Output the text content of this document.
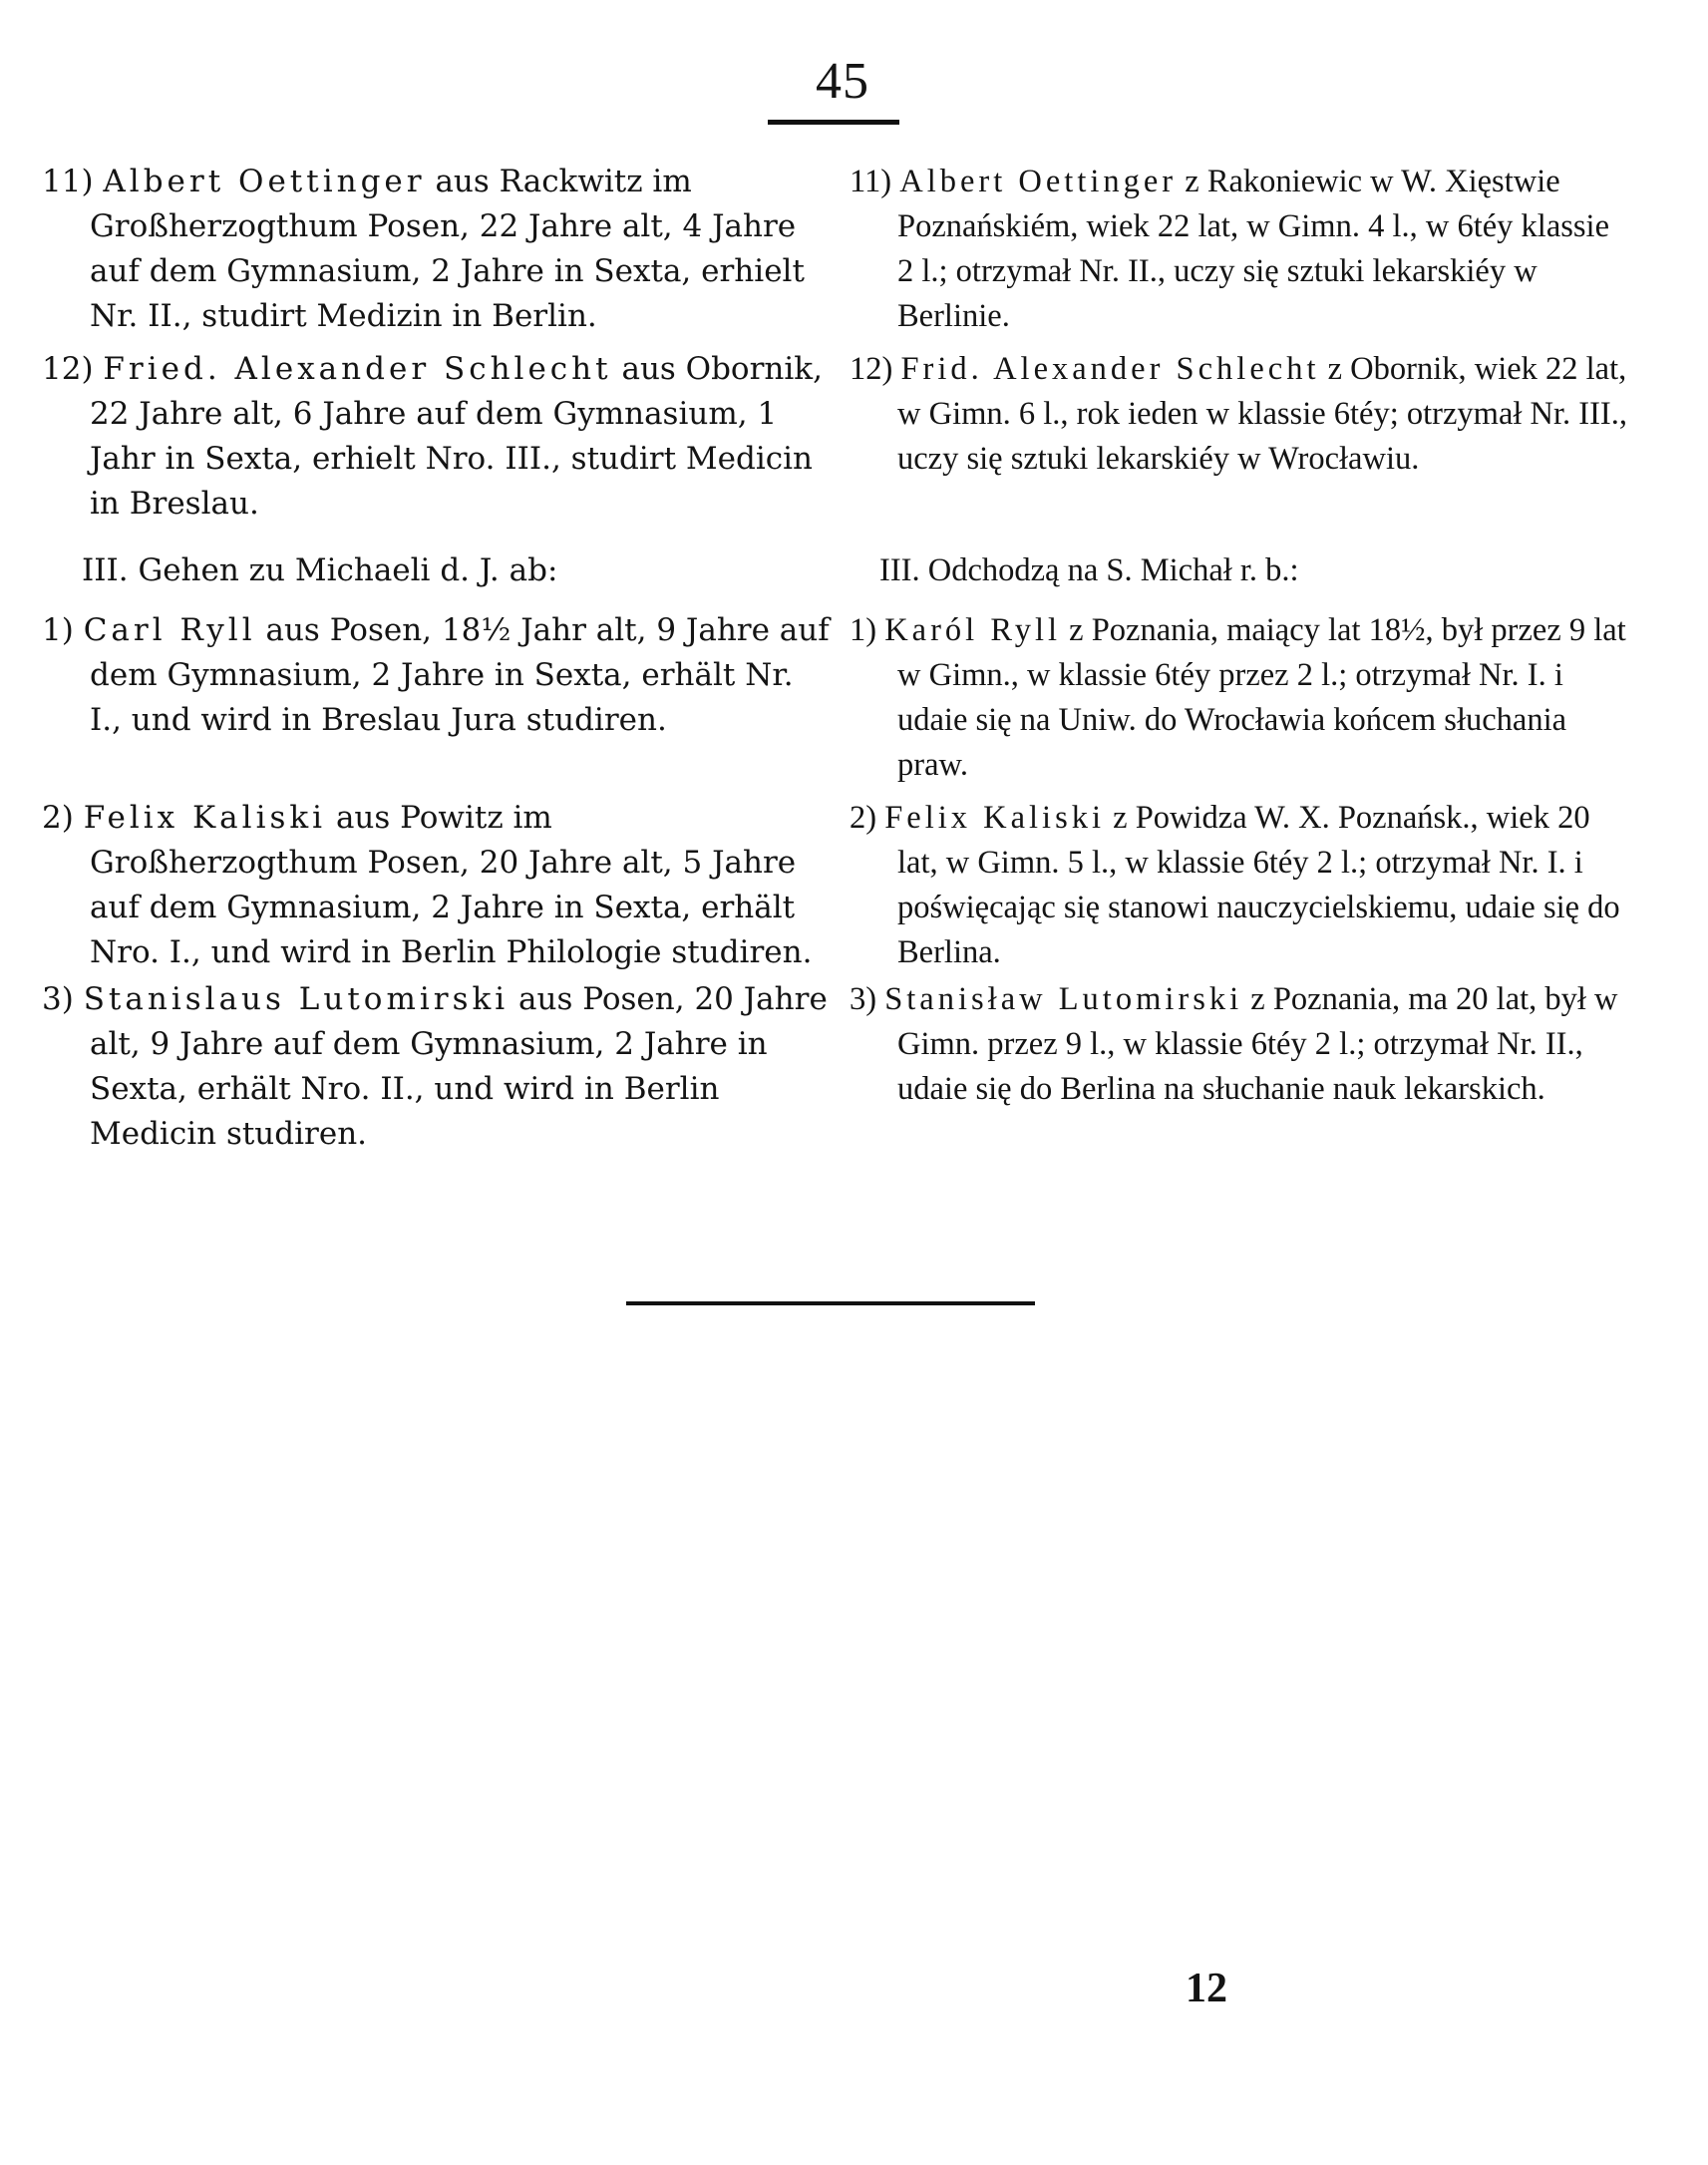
45

11) Albert Oettinger aus Rackwitz im Großherzogthum Posen, 22 Jahre alt, 4 Jahre auf dem Gymnasium, 2 Jahre in Sexta, erhielt Nr. II., studirt Medizin in Berlin.

12) Fried. Alexander Schlecht aus Obornik, 22 Jahre alt, 6 Jahre auf dem Gymnasium, 1 Jahr in Sexta, erhielt Nro. III., studirt Medicin in Breslau.

III. Gehen zu Michaeli d. J. ab:

1) Carl Ryll aus Posen, 18½ Jahr alt, 9 Jahre auf dem Gymnasium, 2 Jahre in Sexta, erhält Nr. I., und wird in Breslau Jura studiren.

2) Felix Kaliski aus Powitz im Großherzogthum Posen, 20 Jahre alt, 5 Jahre auf dem Gymnasium, 2 Jahre in Sexta, erhält Nro. I., und wird in Berlin Philologie studiren.

3) Stanislaus Lutomirski aus Posen, 20 Jahre alt, 9 Jahre auf dem Gymnasium, 2 Jahre in Sexta, erhält Nro. II., und wird in Berlin Medicin studiren.

11) Albert Oettinger z Rakoniewic w W. Xięstwie Poznańskiém, wiek 22 lat, w Gimn. 4 l., w 6téy klassie 2 l.; otrzymał Nr. II., uczy się sztuki lekarskiéy w Berlinie.

12) Frid. Alexander Schlecht z Obornik, wiek 22 lat, w Gimn. 6 l., rok ieden w klassie 6téy; otrzymał Nr. III., uczy się sztuki lekarskiéy w Wrocławiu.

III. Odchodzą na S. Michał r. b.:

1) Karól Ryll z Poznania, maiący lat 18½, był przez 9 lat w Gimn., w klassie 6téy przez 2 l.; otrzymał Nr. I. i udaie się na Uniw. do Wrocławia końcem słuchania praw.

2) Felix Kaliski z Powidza W. X. Poznańsk., wiek 20 lat, w Gimn. 5 l., w klassie 6téy 2 l.; otrzymał Nr. I. i poświęcając się stanowi nauczycielskiemu, udaie się do Berlina.

3) Stanisław Lutomirski z Poznania, ma 20 lat, był w Gimn. przez 9 l., w klassie 6téy 2 l.; otrzymał Nr. II., udaie się do Berlina na słuchanie nauk lekarskich.

12
